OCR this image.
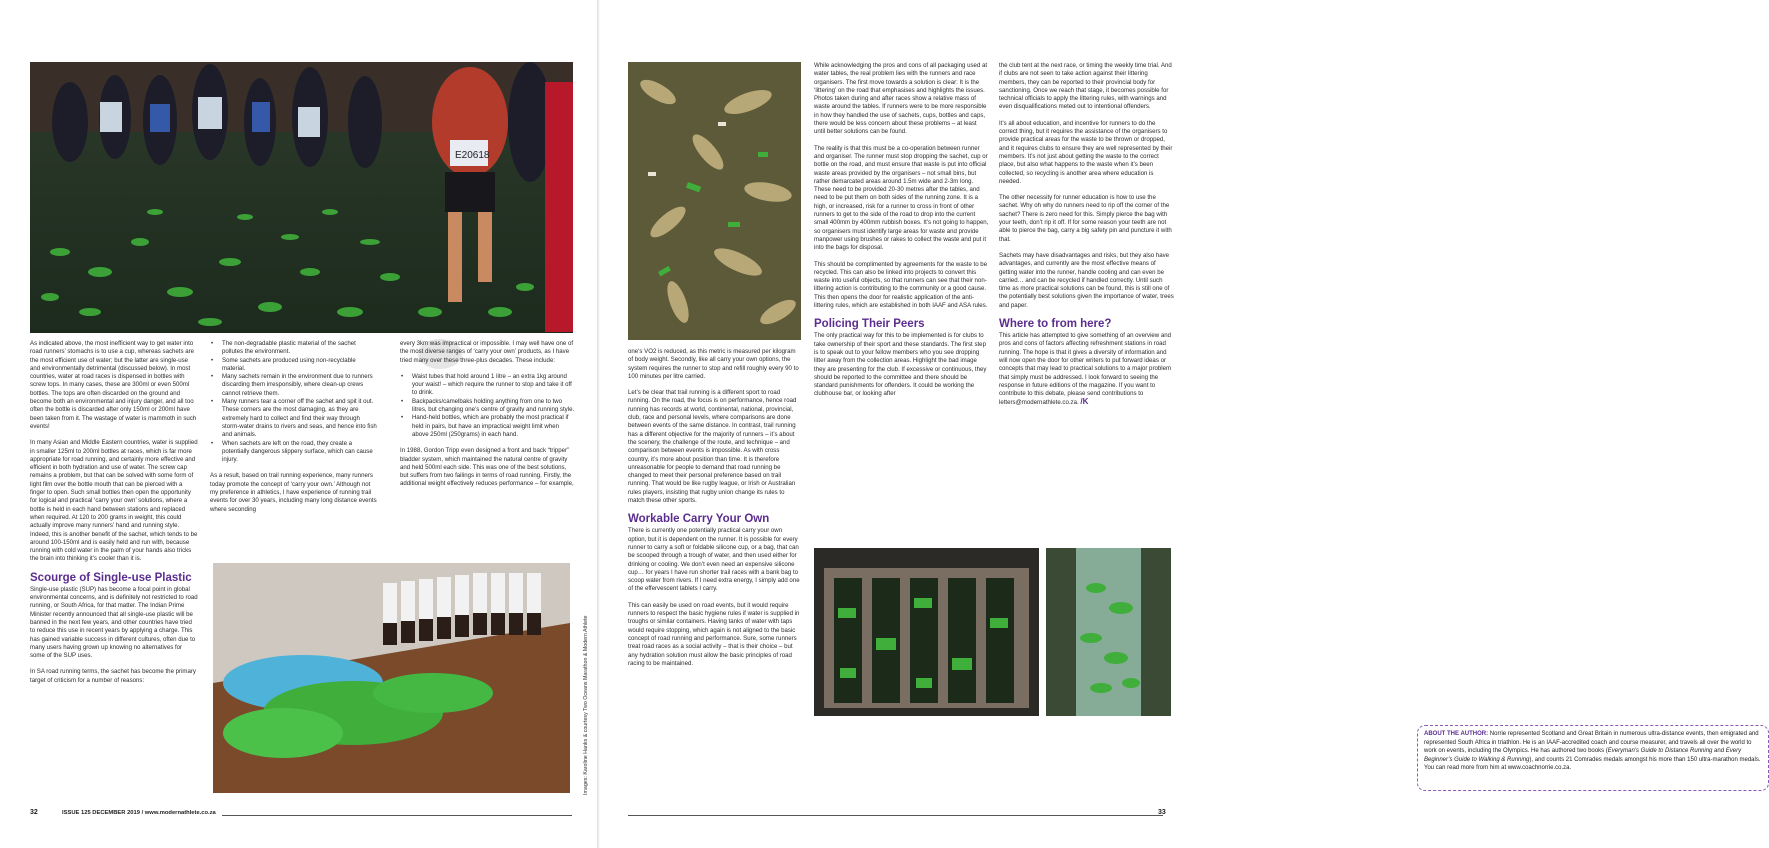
E20618

As indicated above, the most inefficient way to get water into road runners’ stomachs is to use a cup, whereas sachets are the most efficient use of water; but the latter are single-use and environmentally detrimental (discussed below). In most countries, water at road races is dispensed in bottles with screw tops. In many cases, these are 300ml or even 500ml bottles. The tops are often discarded on the ground and become both an environmental and injury danger, and all too often the bottle is discarded after only 150ml or 200ml have been taken from it. The wastage of water is mammoth in such events!

In many Asian and Middle Eastern countries, water is supplied in smaller 125ml to 200ml bottles at races, which is far more appropriate for road running, and certainly more effective and efficient in both hydration and use of water. The screw cap remains a problem, but that can be solved with some form of light film over the bottle mouth that can be pierced with a finger to open. Such small bottles then open the opportunity for logical and practical ‘carry your own’ solutions, where a bottle is held in each hand between stations and replaced when required. At 120 to 200 grams in weight, this could actually improve many runners’ hand and running style. Indeed, this is another benefit of the sachet, which tends to be around 100-150ml and is easily held and run with, because running with cold water in the palm of your hands also tricks the brain into thinking it’s cooler than it is.

Scourge of Single-use Plastic

Single-use plastic (SUP) has become a focal point in global environmental concerns, and is definitely not restricted to road running, or South Africa, for that matter. The Indian Prime Minister recently announced that all single-use plastic will be banned in the next few years, and other countries have tried to reduce this use in recent years by applying a charge. This has gained variable success in different cultures, often due to many users having grown up knowing no alternatives for some of the SUP uses.

In SA road running terms, the sachet has become the primary target of criticism for a number of reasons:

• The non-degradable plastic material of the sachet pollutes the environment.
• Some sachets are produced using non-recyclable material.
• Many sachets remain in the environment due to runners discarding them irresponsibly, where clean-up crews cannot retrieve them.
• Many runners tear a corner off the sachet and spit it out. These corners are the most damaging, as they are extremely hard to collect and find their way through storm-water drains to rivers and seas, and hence into fish and animals.
• When sachets are left on the road, they create a potentially dangerous slippery surface, which can cause injury.

As a result, based on trail running experience, many runners today promote the concept of ‘carry your own.’ Although not my preference in athletics, I have experience of running trail events for over 30 years, including many long distance events where seconding

every 3km was impractical or impossible. I may well have one of the most diverse ranges of ‘carry your own’ products, as I have tried many over these three-plus decades. These include:

• Waist tubes that hold around 1 litre – an extra 1kg around your waist! – which require the runner to stop and take it off to drink.
• Backpacks/camelbaks holding anything from one to two litres, but changing one’s centre of gravity and running style.
• Hand-held bottles, which are probably the most practical if held in pairs, but have an impractical weight limit when above 250ml (250grams) in each hand.

In 1988, Gordon Tripp even designed a front and back “tripper” bladder system, which maintained the natural centre of gravity and held 500ml each side. This was one of the best solutions, but suffers from two failings in terms of road running. Firstly, the additional weight effectively reduces performance – for example,

Images: Karoline Hanks & courtesy Two Oceans Marathon & Modern Athlete
32	ISSUE 125 DECEMBER 2019 / www.modernathlete.co.za

one’s VO2 is reduced, as this metric is measured per kilogram of body weight. Secondly, like all carry your own options, the system requires the runner to stop and refill roughly every 90 to 100 minutes per litre carried.

Let’s be clear that trail running is a different sport to road running. On the road, the focus is on performance, hence road running has records at world, continental, national, provincial, club, race and personal levels, where comparisons are done between events of the same distance. In contrast, trail running has a different objective for the majority of runners – it’s about the scenery, the challenge of the route, and technique – and comparison between events is impossible. As with cross country, it’s more about position than time. It is therefore unreasonable for people to demand that road running be changed to meet their personal preference based on trail running. That would be like rugby league, or Irish or Australian rules players, insisting that rugby union change its rules to match these other sports.

Workable Carry Your Own

There is currently one potentially practical carry your own option, but it is dependent on the runner. It is possible for every runner to carry a soft or foldable silicone cup, or a bag, that can be scooped through a trough of water, and then used either for drinking or cooling. We don’t even need an expensive silicone cup… for years I have run shorter trail races with a bank bag to scoop water from rivers. If I need extra energy, I simply add one of the effervescent tablets I carry.

This can easily be used on road events, but it would require runners to respect the basic hygiene rules if water is supplied in troughs or similar containers. Having tanks of water with taps would require stopping, which again is not aligned to the basic concept of road running and performance. Sure, some runners treat road races as a social activity – that is their choice – but any hydration solution must allow the basic principles of road racing to be maintained.

While acknowledging the pros and cons of all packaging used at water tables, the real problem lies with the runners and race organisers. The first move towards a solution is clear: It is the ‘littering’ on the road that emphasises and highlights the issues. Photos taken during and after races show a relative mass of waste around the tables. If runners were to be more responsible in how they handled the use of sachets, cups, bottles and caps, there would be less concern about these problems – at least until better solutions can be found.

The reality is that this must be a co-operation between runner and organiser. The runner must stop dropping the sachet, cup or bottle on the road, and must ensure that waste is put into official waste areas provided by the organisers – not small bins, but rather demarcated areas around 1.5m wide and 2-3m long. These need to be provided 20-30 metres after the tables, and need to be put them on both sides of the running zone. It is a high, or increased, risk for a runner to cross in front of other runners to get to the side of the road to drop into the current small 400mm by 400mm rubbish boxes. It’s not going to happen, so organisers must identify large areas for waste and provide manpower using brushes or rakes to collect the waste and put it into the bags for disposal.

This should be complimented by agreements for the waste to be recycled. This can also be linked into projects to convert this waste into useful objects, so that runners can see that their non-littering action is contributing to the community or a good cause. This then opens the door for realistic application of the anti-littering rules, which are established in both IAAF and ASA rules.

Policing Their Peers

The only practical way for this to be implemented is for clubs to take ownership of their sport and these standards. The first step is to speak out to your fellow members who you see dropping litter away from the collection areas. Highlight the bad image they are presenting for the club. If excessive or continuous, they should be reported to the committee and there should be standard punishments for offenders. It could be working the clubhouse bar, or looking after

the club tent at the next race, or timing the weekly time trial. And if clubs are not seen to take action against their littering members, they can be reported to their provincial body for sanctioning. Once we reach that stage, it becomes possible for technical officials to apply the littering rules, with warnings and even disqualifications meted out to intentional offenders.

It’s all about education, and incentive for runners to do the correct thing, but it requires the assistance of the organisers to provide practical areas for the waste to be thrown or dropped, and it requires clubs to ensure they are well represented by their members. It’s not just about getting the waste to the correct place, but also what happens to the waste when it’s been collected, so recycling is another area where education is needed.

The other necessity for runner education is how to use the sachet. Why oh why do runners need to rip off the corner of the sachet? There is zero need for this. Simply pierce the bag with your teeth, don’t rip it off. If for some reason your teeth are not able to pierce the bag, carry a big safety pin and puncture it with that.

Sachets may have disadvantages and risks, but they also have advantages, and currently are the most effective means of getting water into the runner, handle cooling and can even be carried… and can be recycled if handled correctly. Until such time as more practical solutions can be found, this is still one of the potentially best solutions given the importance of water, trees and paper.

Where to from here?

This article has attempted to give something of an overview and pros and cons of factors affecting refreshment stations in road running. The hope is that it gives a diversity of information and will now open the door for other writers to put forward ideas or concepts that may lead to practical solutions to a major problem that simply must be addressed. I look forward to seeing the response in future editions of the magazine. If you want to contribute to this debate, please send contributions to letters@modernathlete.co.za. /K

ABOUT THE AUTHOR: Norrie represented Scotland and Great Britain in numerous ultra-distance events, then emigrated and represented South Africa in triathlon. He is an IAAF-accredited coach and course measurer, and travels all over the world to work on events, including the Olympics. He has authored two books (Everyman’s Guide to Distance Running and Every Beginner’s Guide to Walking & Running), and counts 21 Comrades medals amongst his more than 150 ultra-marathon medals. You can read more from him at www.coachnorrie.co.za.
33
